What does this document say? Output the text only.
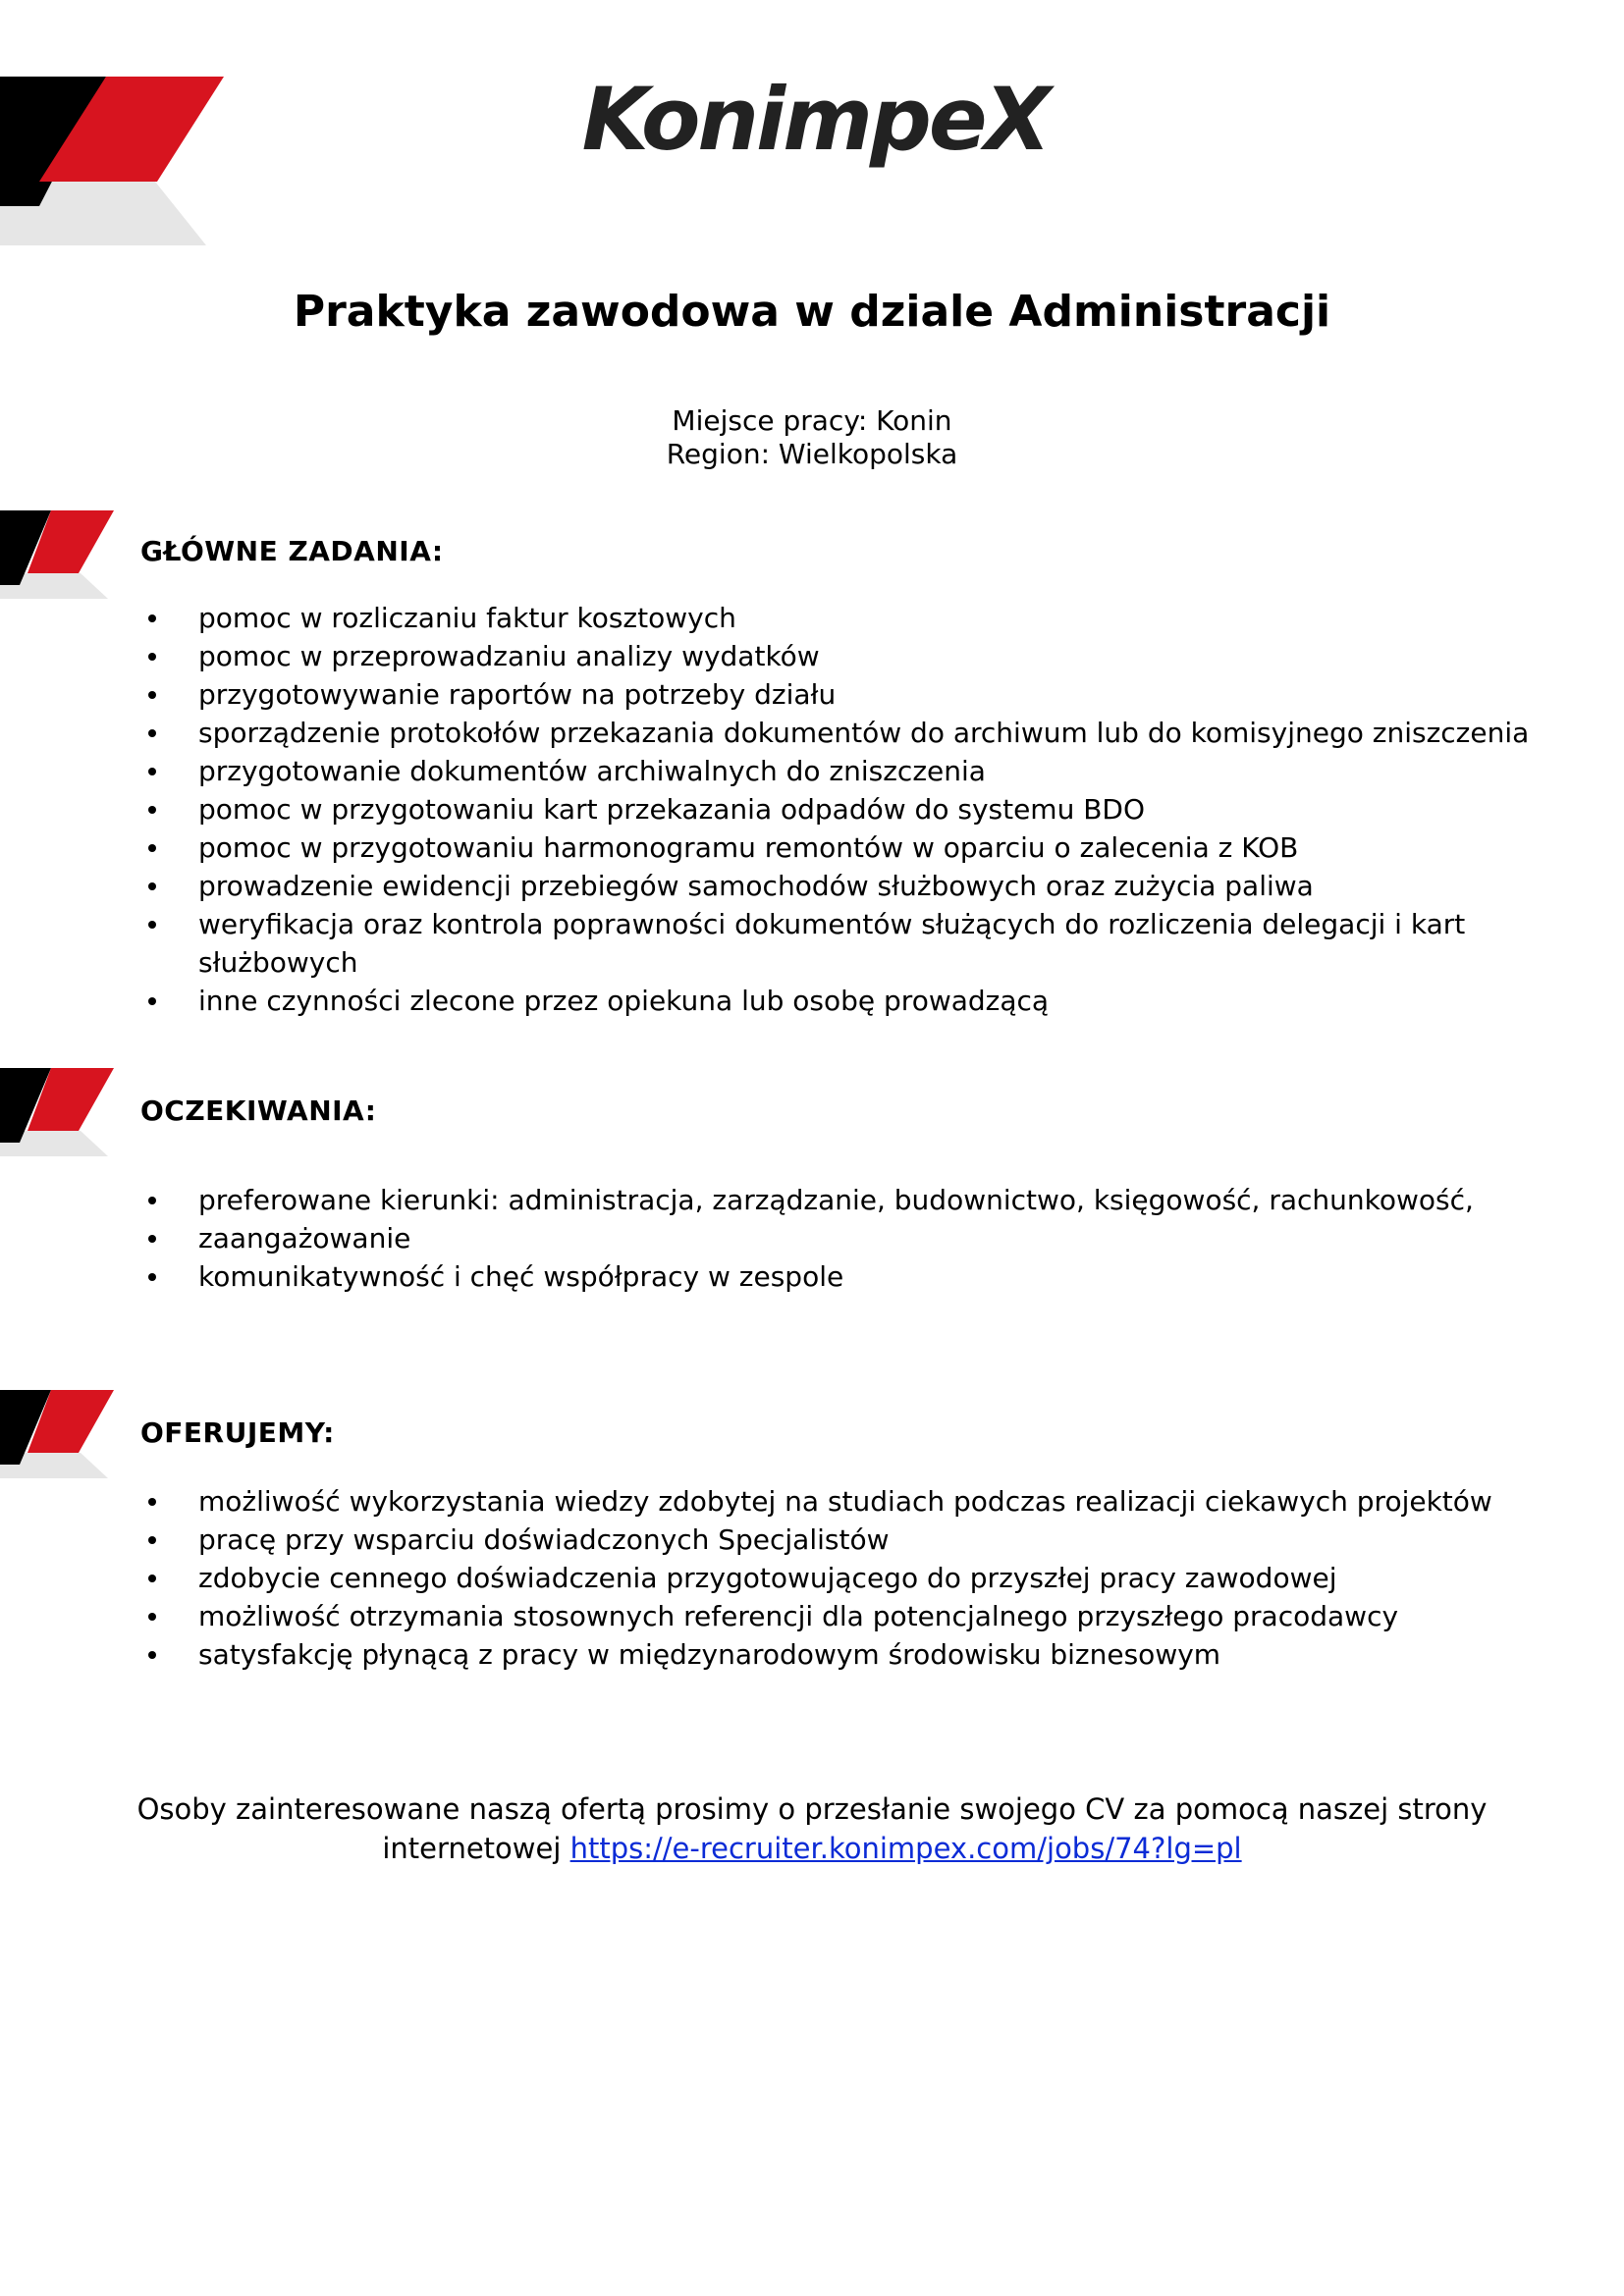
KonimpeX
Praktyka zawodowa w dziale Administracji
Miejsce pracy: Konin
Region: Wielkopolska
GŁÓWNE ZADANIA:
pomoc w rozliczaniu faktur kosztowych
pomoc w przeprowadzaniu analizy wydatków
przygotowywanie raportów na potrzeby działu
sporządzenie protokołów przekazania dokumentów do archiwum lub do komisyjnego zniszczenia
przygotowanie dokumentów archiwalnych do zniszczenia
pomoc w przygotowaniu kart przekazania odpadów do systemu BDO
pomoc w przygotowaniu harmonogramu remontów w oparciu o zalecenia z KOB
prowadzenie ewidencji przebiegów samochodów służbowych oraz zużycia paliwa
weryfikacja oraz kontrola poprawności dokumentów służących do rozliczenia delegacji i kart służbowych
inne czynności zlecone przez opiekuna lub osobę prowadzącą
OCZEKIWANIA:
preferowane kierunki: administracja, zarządzanie, budownictwo, księgowość, rachunkowość,
zaangażowanie
komunikatywność i chęć współpracy w zespole
OFERUJEMY:
możliwość wykorzystania wiedzy zdobytej na studiach podczas realizacji ciekawych projektów
pracę przy wsparciu doświadczonych Specjalistów
zdobycie cennego doświadczenia przygotowującego do przyszłej pracy zawodowej
możliwość otrzymania stosownych referencji dla potencjalnego przyszłego pracodawcy
satysfakcję płynącą z pracy w międzynarodowym środowisku biznesowym
Osoby zainteresowane naszą ofertą prosimy o przesłanie swojego CV za pomocą naszej strony
internetowej https://e-recruiter.konimpex.com/jobs/74?lg=pl
